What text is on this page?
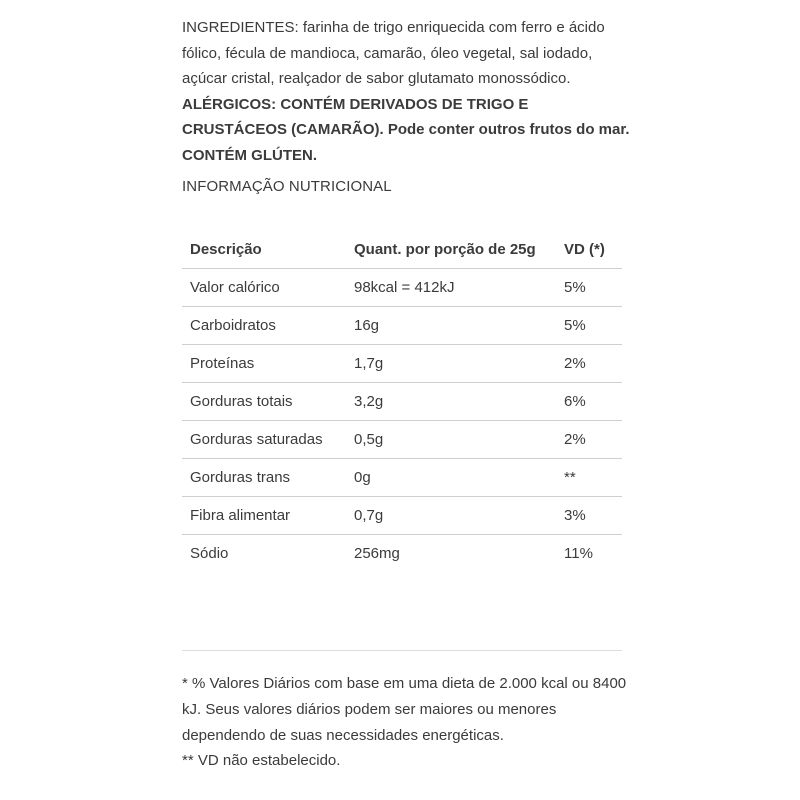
INGREDIENTES: farinha de trigo enriquecida com ferro e ácido fólico, fécula de mandioca, camarão, óleo vegetal, sal iodado, açúcar cristal, realçador de sabor glutamato monossódico.

ALÉRGICOS: CONTÉM DERIVADOS DE TRIGO E CRUSTÁCEOS (CAMARÃO). Pode conter outros frutos do mar. CONTÉM GLÚTEN.

INFORMAÇÃO NUTRICIONAL
Descrição	Quant. por porção de 25g	VD (*)
Valor calórico	98kcal = 412kJ	5%
Carboidratos	16g	5%
Proteínas	1,7g	2%
Gorduras totais	3,2g	6%
Gorduras saturadas	0,5g	2%
Gorduras trans	0g	**
Fibra alimentar	0,7g	3%
Sódio	256mg	11%

* % Valores Diários com base em uma dieta de 2.000 kcal ou 8400 kJ. Seus valores diários podem ser maiores ou menores dependendo de suas necessidades energéticas.

** VD não estabelecido.
